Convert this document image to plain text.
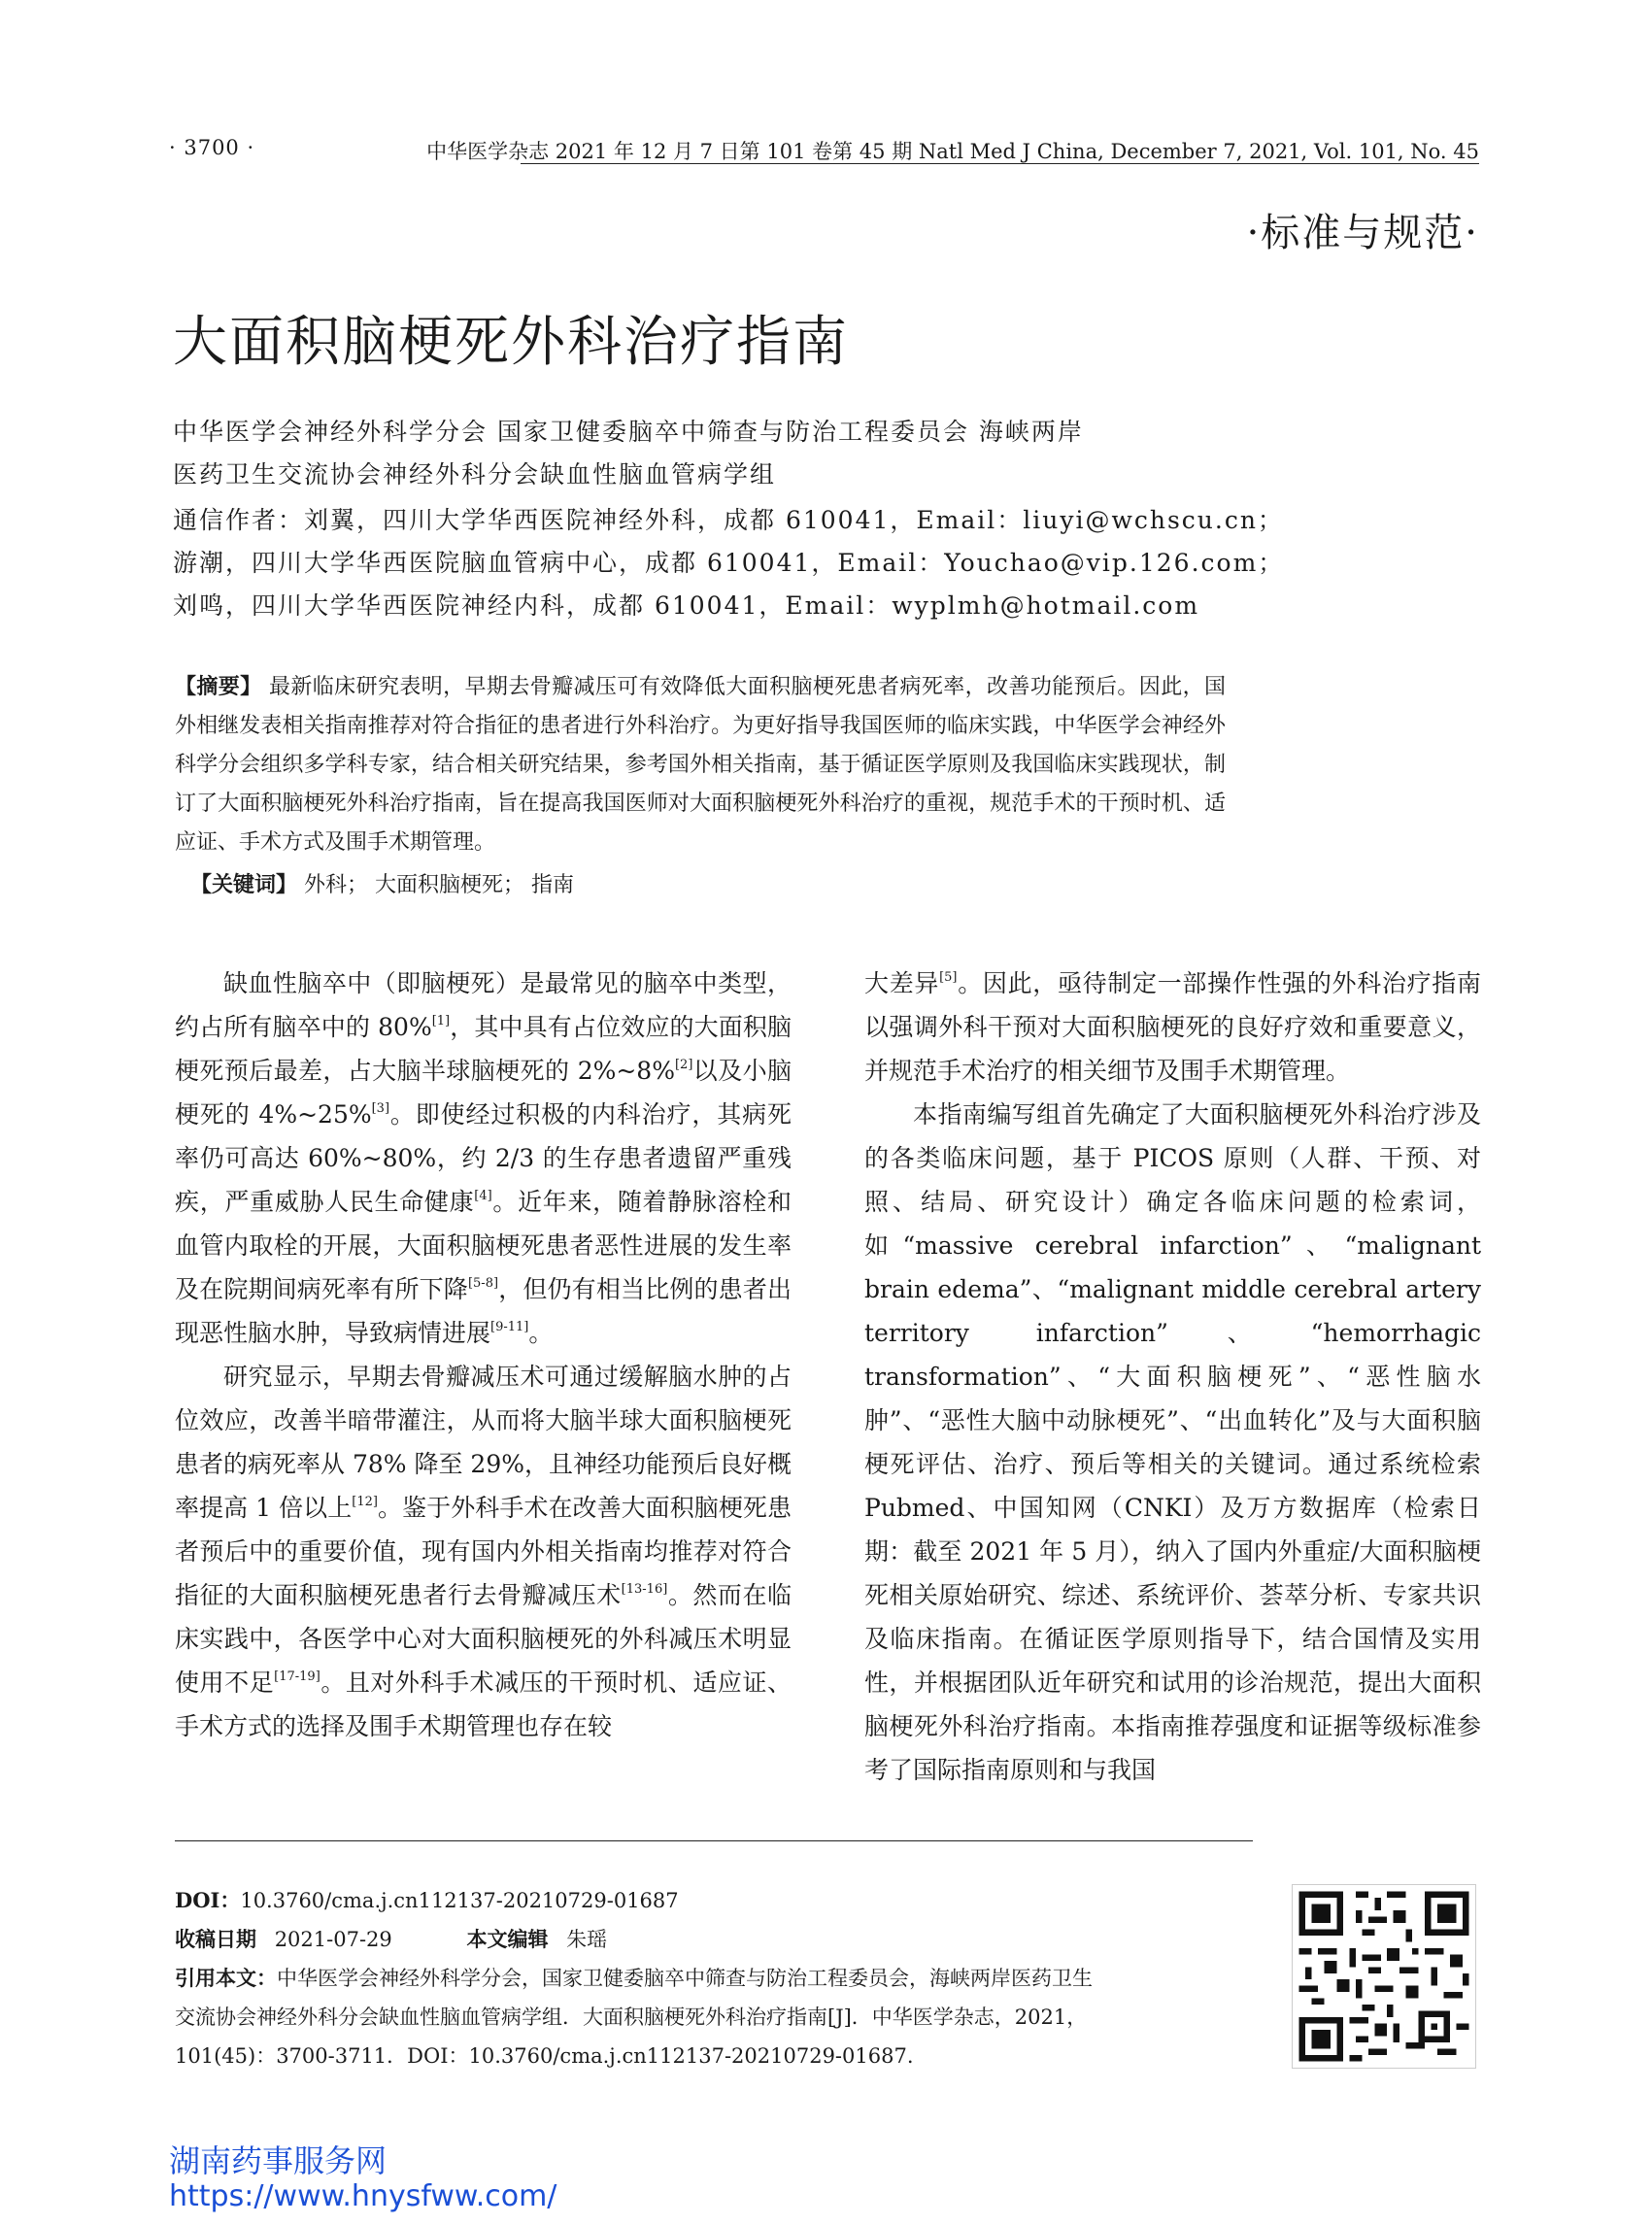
· 3700 ·	中华医学杂志 2021 年 12 月 7 日第 101 卷第 45 期 Natl Med J China, December 7, 2021, Vol. 101, No. 45
·标准与规范·
大面积脑梗死外科治疗指南
中华医学会神经外科学分会 国家卫健委脑卒中筛查与防治工程委员会 海峡两岸
医药卫生交流协会神经外科分会缺血性脑血管病学组
通信作者：刘翼，四川大学华西医院神经外科，成都 610041，Email：liuyi@wchscu.cn；
游潮，四川大学华西医院脑血管病中心，成都 610041，Email：Youchao@vip.126.com；
刘鸣，四川大学华西医院神经内科，成都 610041，Email：wyplmh@hotmail.com
【摘要】 最新临床研究表明，早期去骨瓣减压可有效降低大面积脑梗死患者病死率，改善功能预后。因此，国外相继发表相关指南推荐对符合指征的患者进行外科治疗。为更好指导我国医师的临床实践，中华医学会神经外科学分会组织多学科专家，结合相关研究结果，参考国外相关指南，基于循证医学原则及我国临床实践现状，制订了大面积脑梗死外科治疗指南，旨在提高我国医师对大面积脑梗死外科治疗的重视，规范手术的干预时机、适应证、手术方式及围手术期管理。
【关键词】 外科； 大面积脑梗死； 指南

缺血性脑卒中（即脑梗死）是最常见的脑卒中类型，约占所有脑卒中的 80%[1]，其中具有占位效应的大面积脑梗死预后最差，占大脑半球脑梗死的 2%~8%[2]以及小脑梗死的 4%~25%[3]。即使经过积极的内科治疗，其病死率仍可高达 60%~80%，约 2/3 的生存患者遗留严重残疾，严重威胁人民生命健康[4]。近年来，随着静脉溶栓和血管内取栓的开展，大面积脑梗死患者恶性进展的发生率及在院期间病死率有所下降[5-8]，但仍有相当比例的患者出现恶性脑水肿，导致病情进展[9-11]。

研究显示，早期去骨瓣减压术可通过缓解脑水肿的占位效应，改善半暗带灌注，从而将大脑半球大面积脑梗死患者的病死率从 78% 降至 29%，且神经功能预后良好概率提高 1 倍以上[12]。鉴于外科手术在改善大面积脑梗死患者预后中的重要价值，现有国内外相关指南均推荐对符合指征的大面积脑梗死患者行去骨瓣减压术[13-16]。然而在临床实践中，各医学中心对大面积脑梗死的外科减压术明显使用不足[17-19]。且对外科手术减压的干预时机、适应证、手术方式的选择及围手术期管理也存在较

大差异[5]。因此，亟待制定一部操作性强的外科治疗指南以强调外科干预对大面积脑梗死的良好疗效和重要意义，并规范手术治疗的相关细节及围手术期管理。

本指南编写组首先确定了大面积脑梗死外科治疗涉及的各类临床问题，基于 PICOS 原则（人群、干预、对照、结局、研究设计）确定各临床问题的检索词，如“massive cerebral infarction”、“malignant brain edema”、“malignant middle cerebral artery territory infarction”、“hemorrhagic transformation”、“大面积脑梗死”、“恶性脑水肿”、“恶性大脑中动脉梗死”、“出血转化”及与大面积脑梗死评估、治疗、预后等相关的关键词。通过系统检索 Pubmed、中国知网（CNKI）及万方数据库（检索日期：截至 2021 年 5 月），纳入了国内外重症/大面积脑梗死相关原始研究、综述、系统评价、荟萃分析、专家共识及临床指南。在循证医学原则指导下，结合国情及实用性，并根据团队近年研究和试用的诊治规范，提出大面积脑梗死外科治疗指南。本指南推荐强度和证据等级标准参考了国际指南原则和与我国

DOI：10.3760/cma.j.cn112137-20210729-01687
收稿日期 2021-07-29	本文编辑 朱瑶
引用本文：中华医学会神经外科学分会，国家卫健委脑卒中筛查与防治工程委员会，海峡两岸医药卫生
交流协会神经外科分会缺血性脑血管病学组．大面积脑梗死外科治疗指南[J]．中华医学杂志，2021，
101(45)：3700-3711．DOI：10.3760/cma.j.cn112137-20210729-01687.
湖南药事服务网
https://www.hnysfww.com/
